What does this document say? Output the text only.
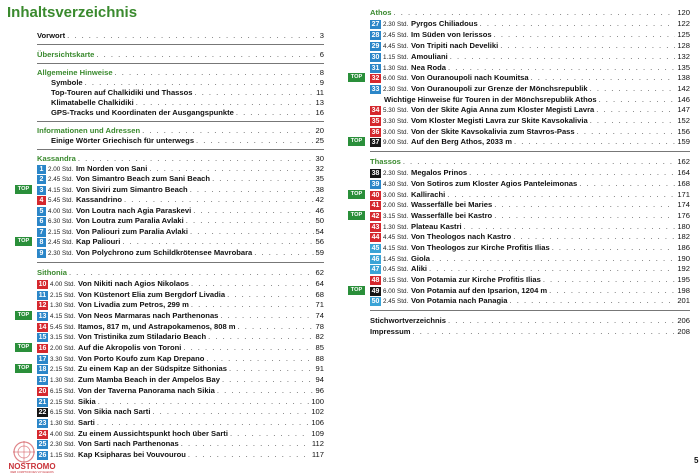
Inhaltsverzeichnis
Vorwort . . .	3
Übersichtskarte . . .	6
Allgemeine Hinweise . . .	8
Symbole . . .	9
Top-Touren auf Chalkidiki und Thassos . . .	11
Klimatabelle Chalkidiki . . .	13
GPS-Tracks und Koordinaten der Ausgangspunkte . . .	16
Informationen und Adressen . . .	20
Einige Wörter Griechisch für unterwegs . . .	25
Kassandra . . .	30
1 2.00 Std. Im Norden von Sani . . .	32
2 2.45 Std. Von Simantro Beach zum Sani Beach . . .	35
TOP	3 4.15 Std. Von Siviri zum Simantro Beach . . .	38
4 5.45 Std. Kassandrino . . .	42
5 4.00 Std. Von Loutra nach Agia Paraskevi . . .	46
6 6.30 Std. Von Loutra zum Paralia Avlaki . . .	50
7 2.15 Std. Von Paliouri zum Paralia Avlaki . . .	54
TOP	8 2.45 Std. Kap Paliouri . . .	56
9 2.30 Std. Von Polychrono zum Schildkrötensee Mavrobara . . .	59
Sithonia . . .	62
10 4.00 Std. Von Nikiti nach Agios Nikolaos . . .	64
11 2.15 Std. Von Küstenort Elia zum Bergdorf Livadia . . .	68
12 1.30 Std. Von Livadia zum Petros, 299 m . . .	71
TOP	13 4.15 Std. Von Neos Marmaras nach Parthenonas . . .	74
14 5.45 Std. Itamos, 817 m, und Astrapokamenos, 808 m . . .	78
15 3.15 Std. Von Tristinika zum Stiladario Beach . . .	82
TOP	16 2.00 Std. Auf die Akropolis von Toroni . . .	85
17 3.30 Std. Von Porto Koufo zum Kap Drepano . . .	88
TOP	18 2.15 Std. Zu einem Kap an der Südspitze Sithonias . . .	91
19 1.30 Std. Zum Mamba Beach in der Ampelos Bay . . .	94
20 6.15 Std. Von der Taverna Panorama nach Sikia . . .	96
21 2.15 Std. Sikia . . .	100
22 6.15 Std. Von Sikia nach Sarti . . .	102
23 1.30 Std. Sarti . . .	106
24 4.00 Std. Zu einem Aussichtspunkt hoch über Sarti . . .	109
25 2.30 Std. Von Sarti nach Parthenonas . . .	112
26 1.15 Std. Kap Ksipharas bei Vouvourou . . .	117
Athos . . .	120
27 2.30 Std. Pyrgos Chiliadous . . .	122
28 2.45 Std. Im Süden von Ierissos . . .	125
29 4.45 Std. Von Tripiti nach Develiki . . .	128
30 1.15 Std. Amouliani . . .	132
31 1.30 Std. Nea Roda . . .	135
TOP	32 6.00 Std. Von Ouranoupoli nach Koumitsa . . .	138
33 2.30 Std. Von Ouranoupoli zur Grenze der Mönchsrepublik . . .	142
Wichtige Hinweise für Touren in der Mönchsrepublik Athos . . .	146
34 5.30 Std. Von der Skite Agia Anna zum Kloster Megisti Lavra . . .	147
35 3.30 Std. Vom Kloster Megisti Lavra zur Skite Kavsokalivia . . .	152
36 3.00 Std. Von der Skite Kavsokalivia zum Stavros-Pass . . .	156
TOP	37 9.00 Std. Auf den Berg Athos, 2033 m . . .	159
Thassos . . .	162
38 2.30 Std. Megalos Prinos . . .	164
39 4.30 Std. Von Sotiros zum Kloster Agios Panteleimonas . . .	168
TOP	40 3.00 Std. Kallirachi . . .	171
41 2.00 Std. Wasserfälle bei Maries . . .	174
TOP	42 3.15 Std. Wasserfälle bei Kastro . . .	176
43 1.30 Std. Plateau Kastri . . .	180
44 4.45 Std. Von Theologos nach Kastro . . .	182
45 4.15 Std. Von Theologos zur Kirche Profitis Ilias . . .	186
46 1.45 Std. Giola . . .	190
47 0.45 Std. Aliki . . .	192
48 8.15 Std. Von Potamia zur Kirche Profitis Ilias . . .	195
TOP	49 6.00 Std. Von Potamia auf den Ipsarion, 1204 m . . .	198
50 2.45 Std. Von Potamia nach Panagia . . .	201
Stichwortverzeichnis . . .	206
Impressum . . .	208
5
NOSTROMO
WEB COMPTOIR DES VOYAGEURS
